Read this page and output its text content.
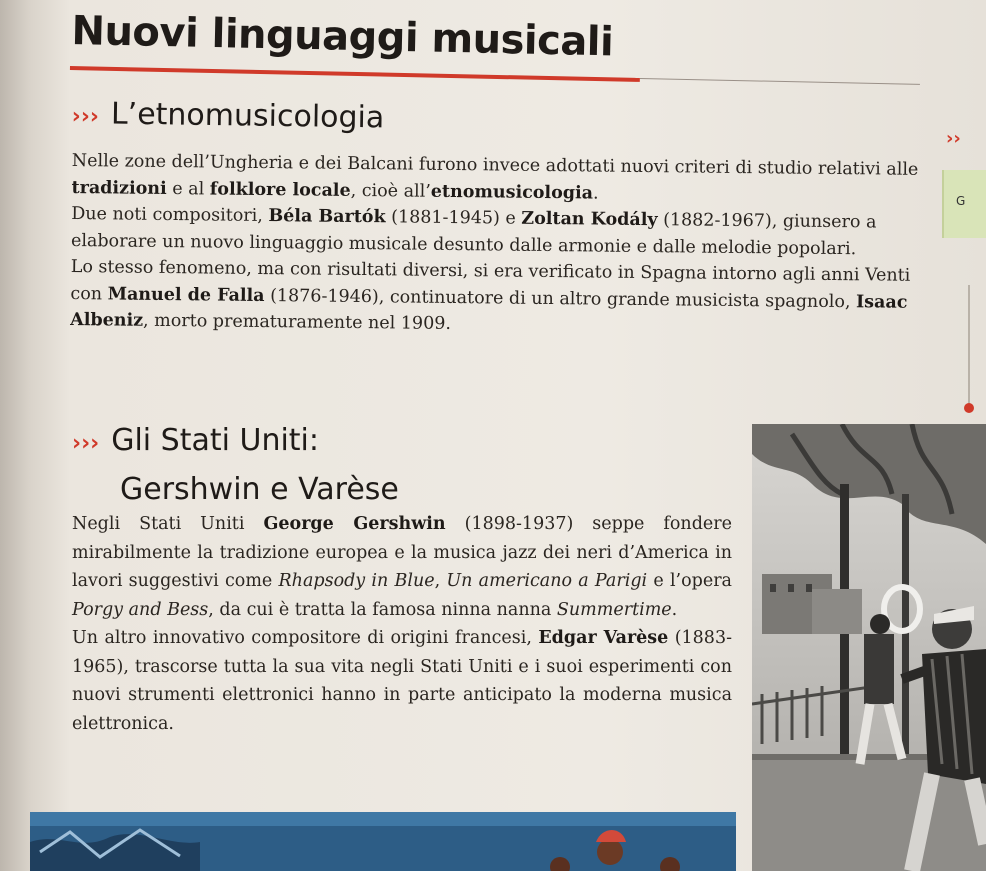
Nuovi linguaggi musicali
››› L’etnomusicologia

Nelle zone dell’Ungheria e dei Balcani furono invece adottati nuovi criteri di studio relativi alle tradizioni e al folklore locale, cioè all’etnomusicologia.

Due noti compositori, Béla Bartók (1881-1945) e Zoltan Kodály (1882-1967), giunsero a elaborare un nuovo linguaggio musicale desunto dalle armonie e dalle melodie popolari.

Lo stesso fenomeno, ma con risultati diversi, si era verificato in Spagna intorno agli anni Venti con Manuel de Falla (1876-1946), continuatore di un altro grande musicista spagnolo, Isaac Albeniz, morto prematuramente nel 1909.

››› Gli Stati Uniti:
Gershwin e Varèse

Negli Stati Uniti George Gershwin (1898-1937) seppe fondere mirabilmente la tradizione europea e la musica jazz dei neri d’America in lavori suggestivi come Rhapsody in Blue, Un americano a Parigi e l’opera Porgy and Bess, da cui è tratta la famosa ninna nanna Summertime.

Un altro innovativo compositore di origini francesi, Edgar Varèse (1883-1965), trascorse tutta la sua vita negli Stati Uniti e i suoi esperimenti con nuovi strumenti elettronici hanno in parte anticipato la moderna musica elettronica.

››
G
